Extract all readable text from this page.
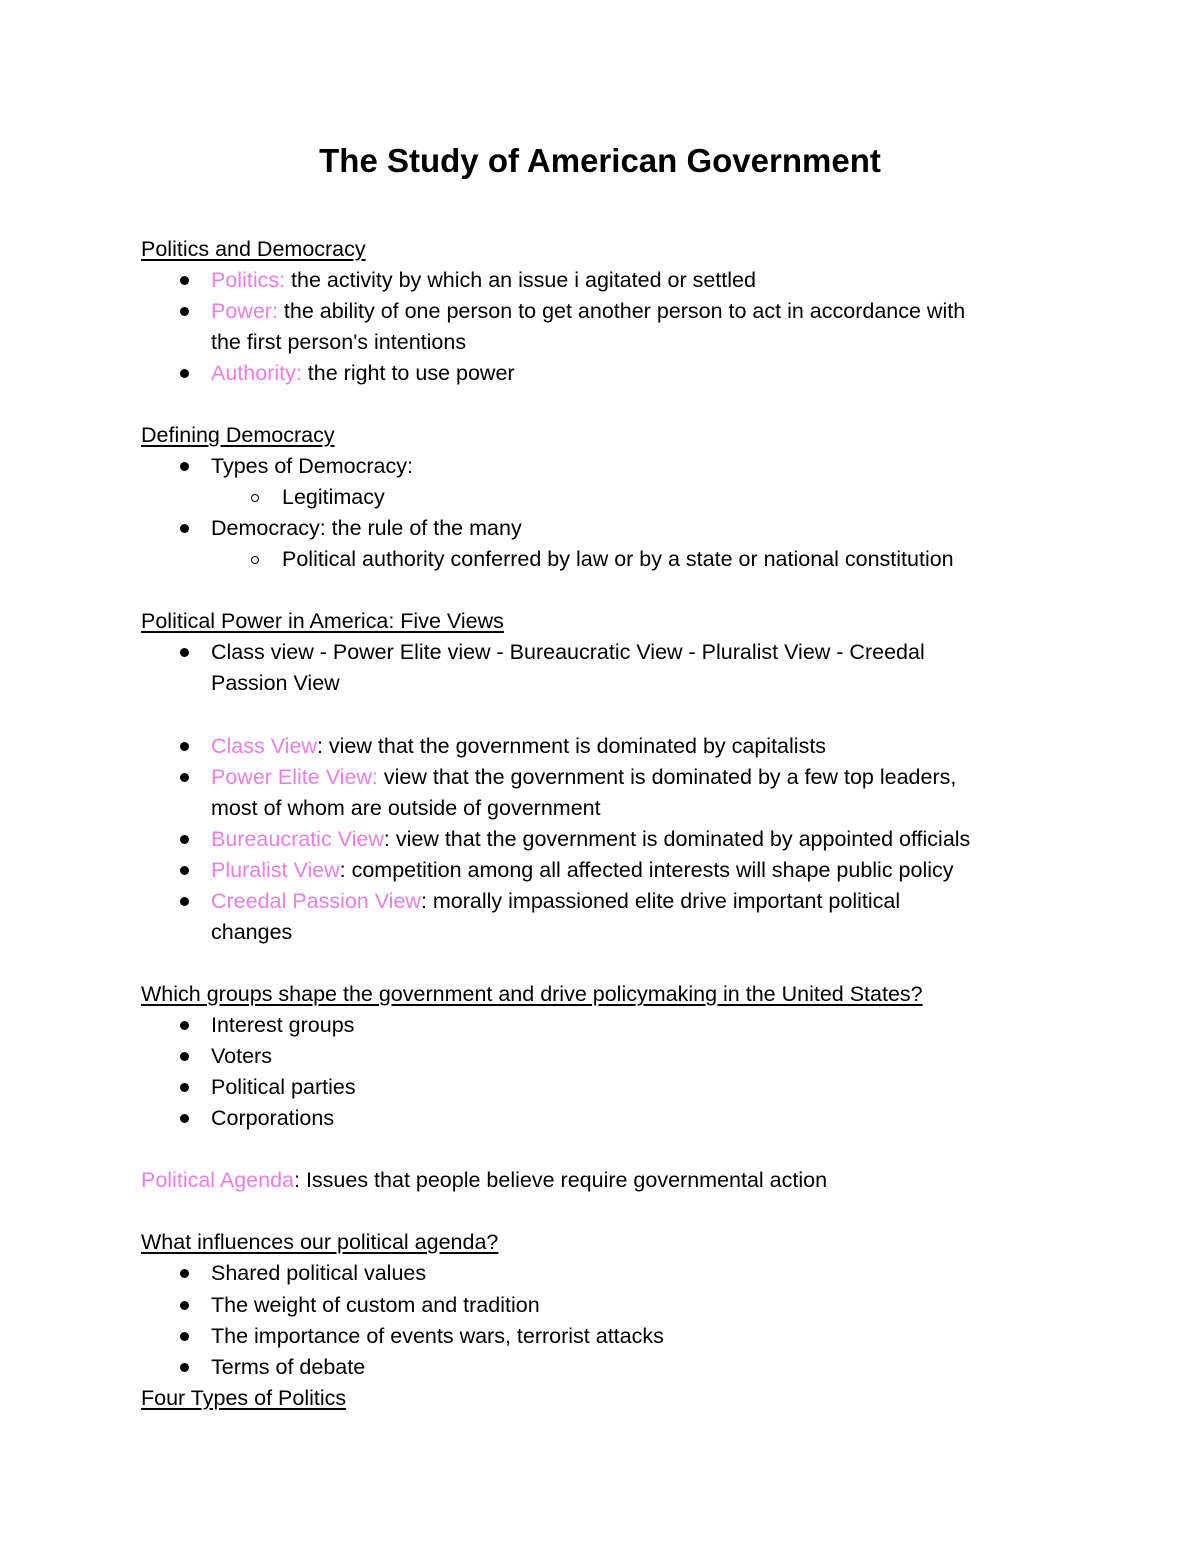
The Study of American Government
Politics and Democracy
Politics: the activity by which an issue i agitated or settled
Power: the ability of one person to get another person to act in accordance with
the first person's intentions
Authority: the right to use power
Defining Democracy
Types of Democracy:
Legitimacy
Democracy: the rule of the many
Political authority conferred by law or by a state or national constitution
Political Power in America: Five Views
Class view - Power Elite view - Bureaucratic View - Pluralist View - Creedal
Passion View
Class View: view that the government is dominated by capitalists
Power Elite View: view that the government is dominated by a few top leaders,
most of whom are outside of government
Bureaucratic View: view that the government is dominated by appointed officials
Pluralist View: competition among all affected interests will shape public policy
Creedal Passion View: morally impassioned elite drive important political
changes
Which groups shape the government and drive policymaking in the United States?
Interest groups
Voters
Political parties
Corporations
Political Agenda: Issues that people believe require governmental action
What influences our political agenda?
Shared political values
The weight of custom and tradition
The importance of events wars, terrorist attacks
Terms of debate
Four Types of Politics
